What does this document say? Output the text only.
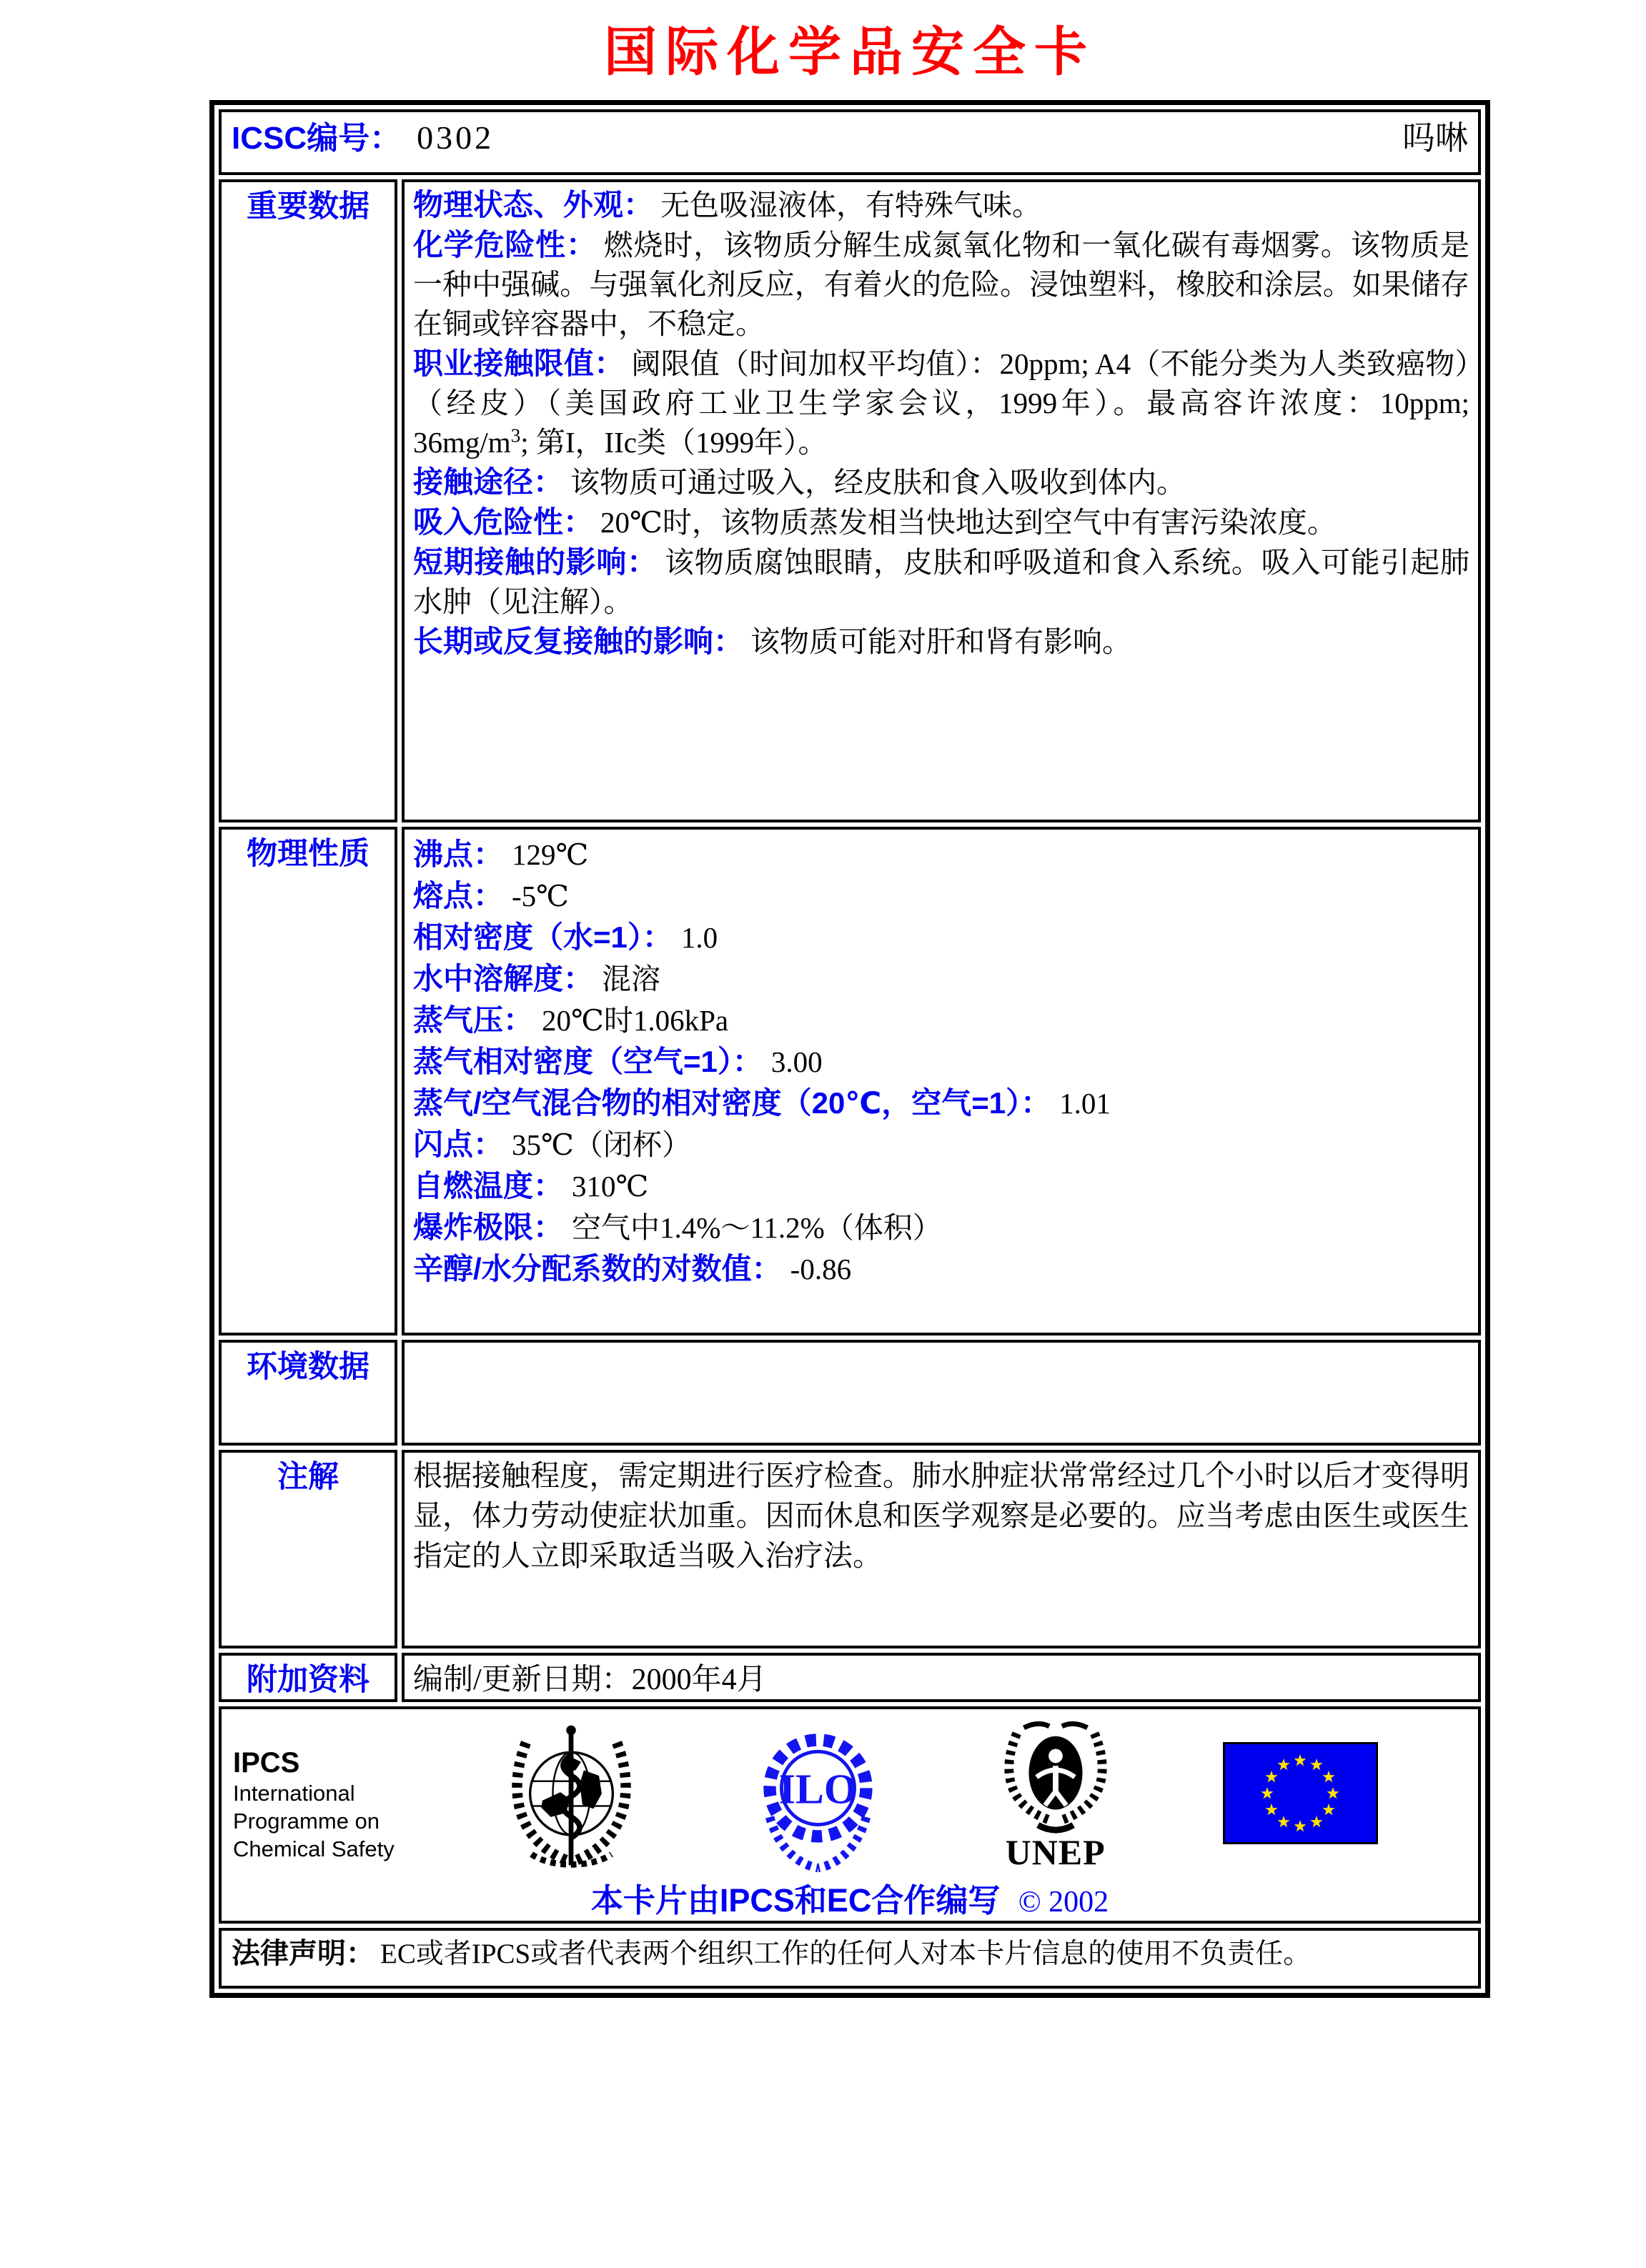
国际化学品安全卡
ICSC编号： 0302 吗啉	

重要数据	物理状态、外观： 无色吸湿液体，有特殊气味。
化学危险性： 燃烧时，该物质分解生成氮氧化物和一氧化碳有毒烟雾。该物质是一种中强碱。与强氧化剂反应，有着火的危险。浸蚀塑料，橡胶和涂层。如果储存在铜或锌容器中，不稳定。
职业接触限值： 阈限值（时间加权平均值）：20ppm; A4（不能分类为人类致癌物）（经皮）（美国政府工业卫生学家会议，1999年）。最高容许浓度：10ppm; $36mg/m^3$; 第I，IIc类（1999年）。
接触途径： 该物质可通过吸入，经皮肤和食入吸收到体内。
吸入危险性： 20℃时，该物质蒸发相当快地达到空气中有害污染浓度。
短期接触的影响： 该物质腐蚀眼睛，皮肤和呼吸道和食入系统。吸入可能引起肺水肿（见注解）。
长期或反复接触的影响： 该物质可能对肝和肾有影响。

物理性质	沸点： 129℃
熔点： -5℃
相对密度（水=1）： 1.0
水中溶解度： 混溶
蒸气压： 20℃时1.06kPa
蒸气相对密度（空气=1）： 3.00
蒸气/空气混合物的相对密度（20℃，空气=1）： 1.01
闪点： 35℃（闭杯）
自燃温度： 310℃
爆炸极限： 空气中1.4%～11.2%（体积）
辛醇/水分配系数的对数值： -0.86

环境数据	
注解	根据接触程度，需定期进行医疗检查。肺水肿症状常常经过几个小时以后才变得明显，体力劳动使症状加重。因而休息和医学观察是必要的。应当考虑由医生或医生指定的人立即采取适当吸入治疗法。

附加资料	编制/更新日期：2000年4月

IPCS
International
Programme on
Chemical Safety
ILO
UNEP
本卡片由IPCS和EC合作编写 © 2002

法律声明： EC或者IPCS或者代表两个组织工作的任何人对本卡片信息的使用不负责任。	
